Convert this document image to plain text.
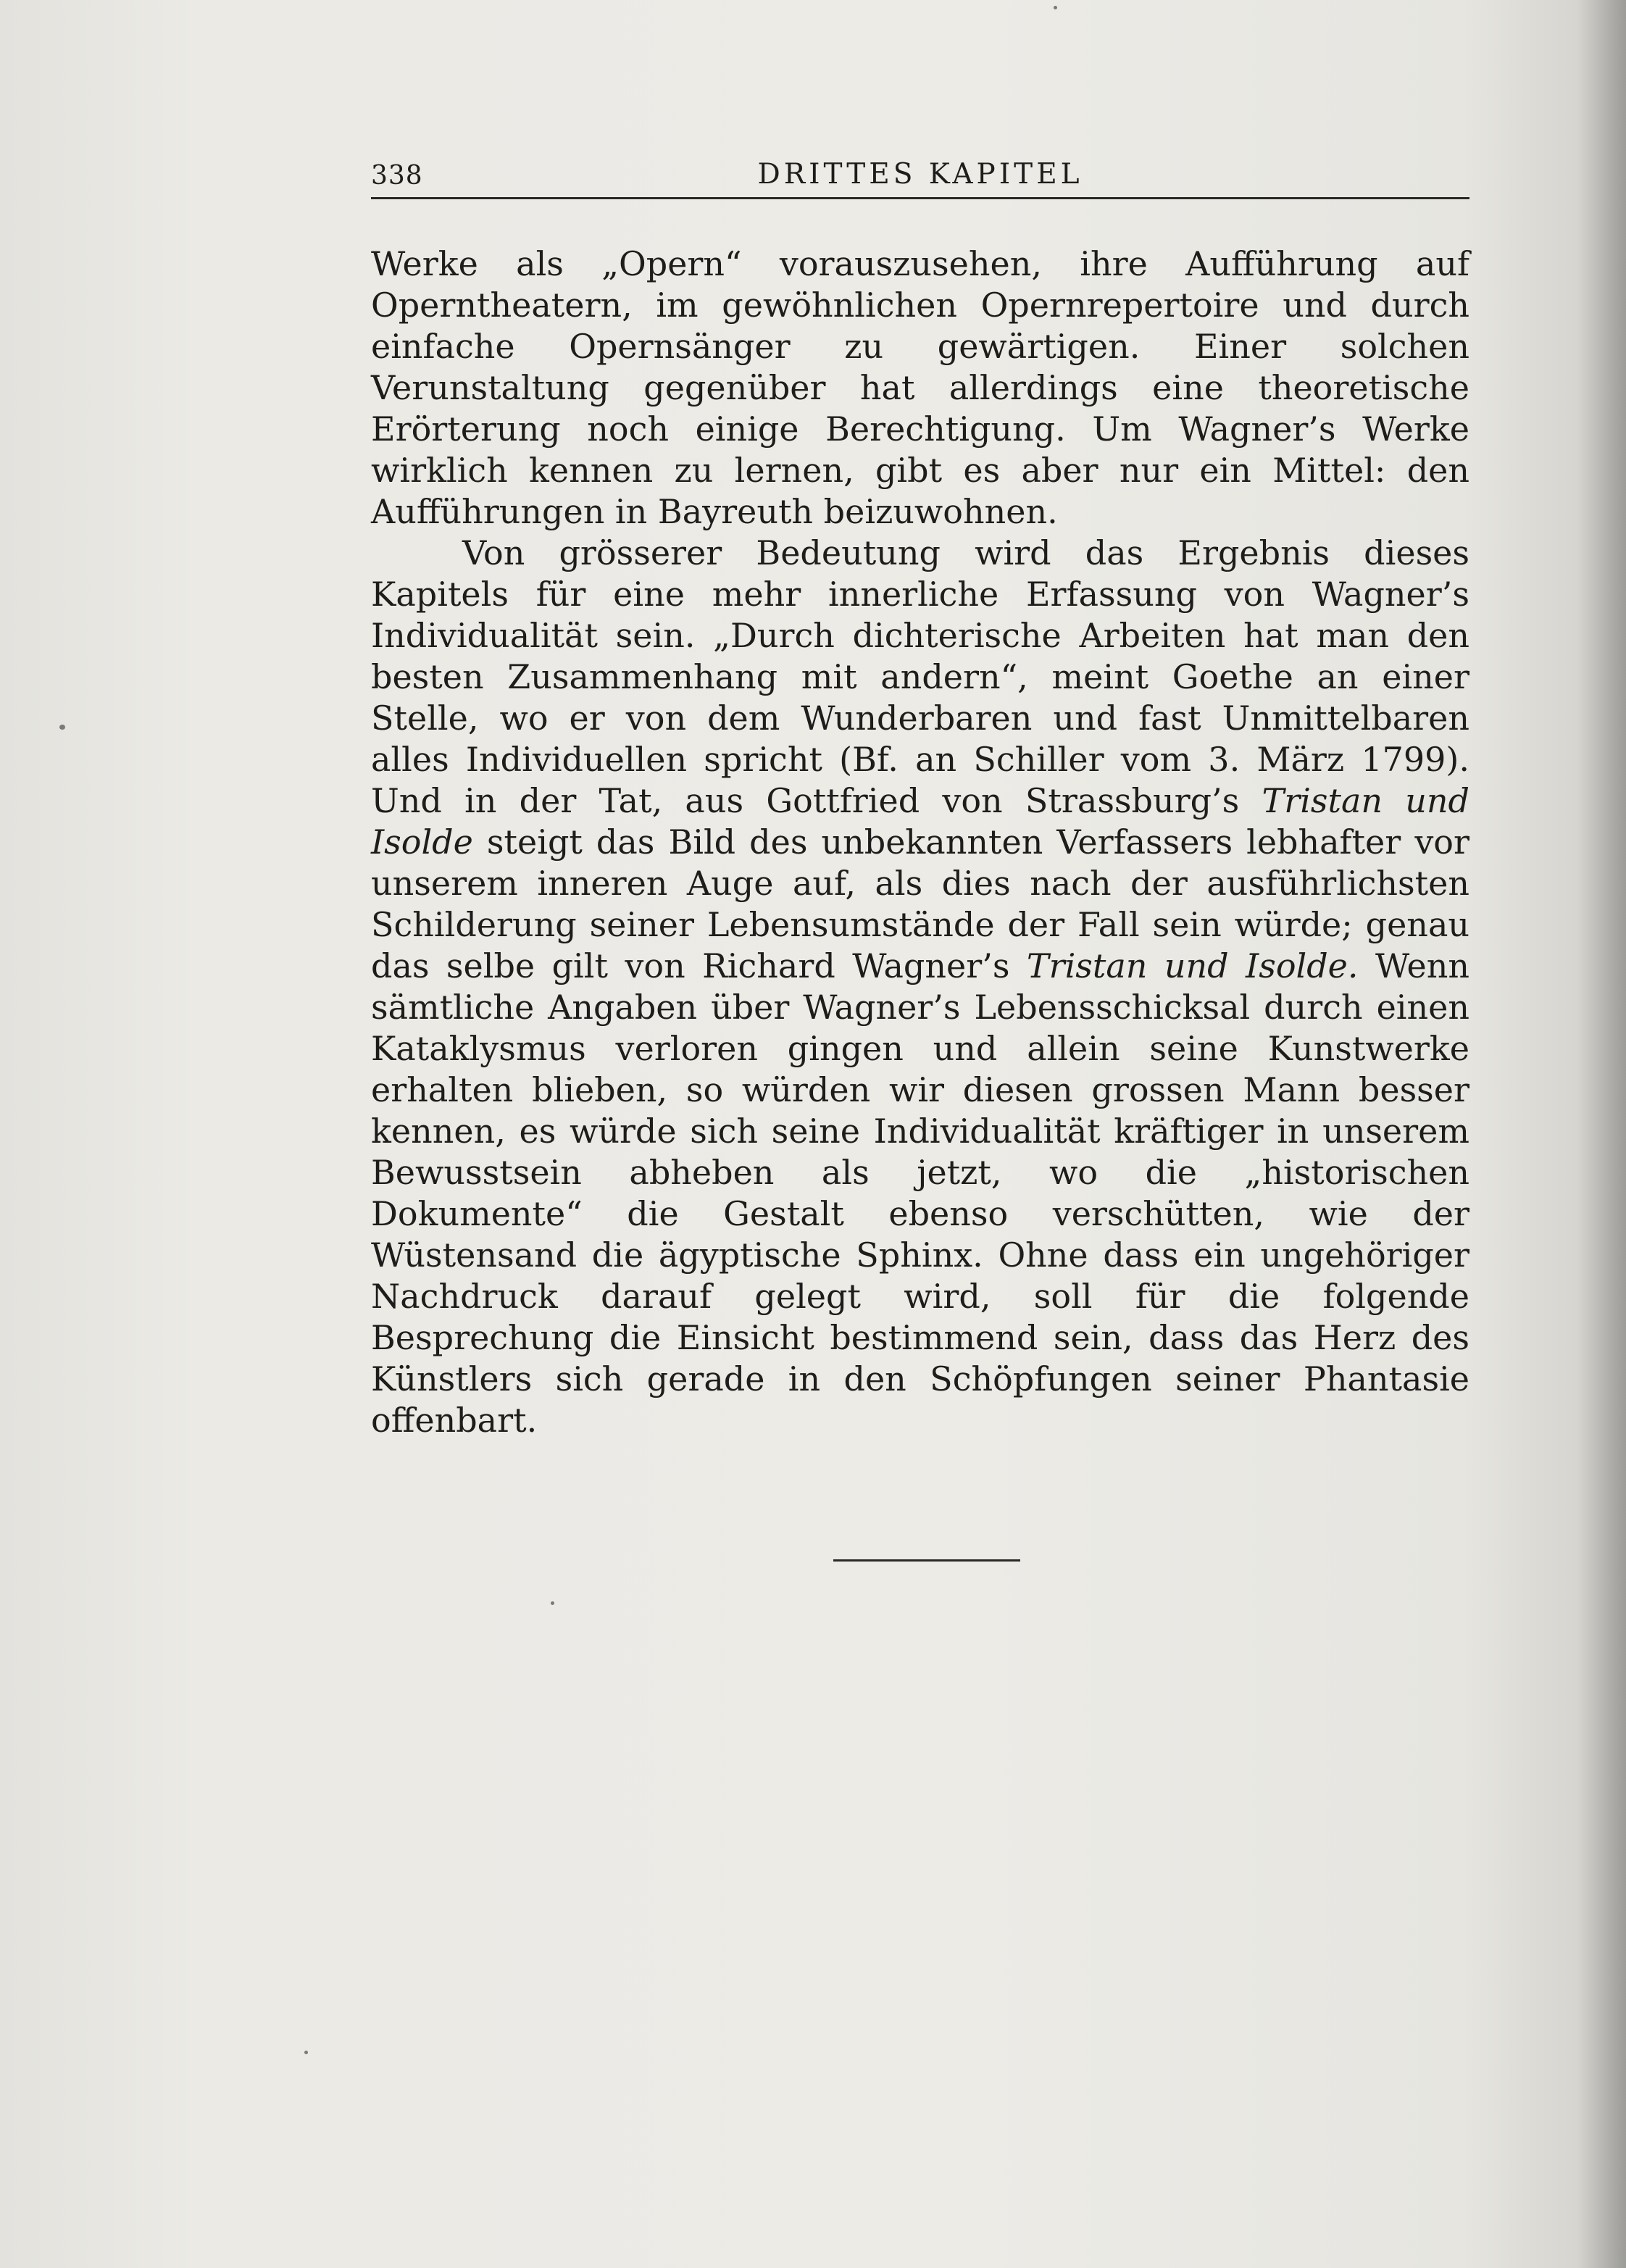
338	DRITTES KAPITEL

Werke als „Opern“ vorauszusehen, ihre Aufführung auf Operntheatern, im gewöhnlichen Opernrepertoire und durch einfache Opernsänger zu gewärtigen. Einer solchen Verunstaltung gegenüber hat allerdings eine theoretische Erörterung noch einige Berechtigung. Um Wagner’s Werke wirklich kennen zu lernen, gibt es aber nur ein Mittel: den Aufführungen in Bayreuth beizuwohnen.

Von grösserer Bedeutung wird das Ergebnis dieses Kapitels für eine mehr innerliche Erfassung von Wagner’s Individualität sein. „Durch dichterische Arbeiten hat man den besten Zusammenhang mit andern“, meint Goethe an einer Stelle, wo er von dem Wunderbaren und fast Unmittelbaren alles Individuellen spricht (Bf. an Schiller vom 3. März 1799). Und in der Tat, aus Gottfried von Strassburg’s Tristan und Isolde steigt das Bild des unbekannten Verfassers lebhafter vor unserem inneren Auge auf, als dies nach der ausführlichsten Schilderung seiner Lebensumstände der Fall sein würde; genau das selbe gilt von Richard Wagner’s Tristan und Isolde. Wenn sämtliche Angaben über Wagner’s Lebensschicksal durch einen Kataklysmus verloren gingen und allein seine Kunstwerke erhalten blieben, so würden wir diesen grossen Mann besser kennen, es würde sich seine Individualität kräftiger in unserem Bewusstsein abheben als jetzt, wo die „historischen Dokumente“ die Gestalt ebenso verschütten, wie der Wüstensand die ägyptische Sphinx. Ohne dass ein ungehöriger Nachdruck darauf gelegt wird, soll für die folgende Besprechung die Einsicht bestimmend sein, dass das Herz des Künstlers sich gerade in den Schöpfungen seiner Phantasie offenbart.
